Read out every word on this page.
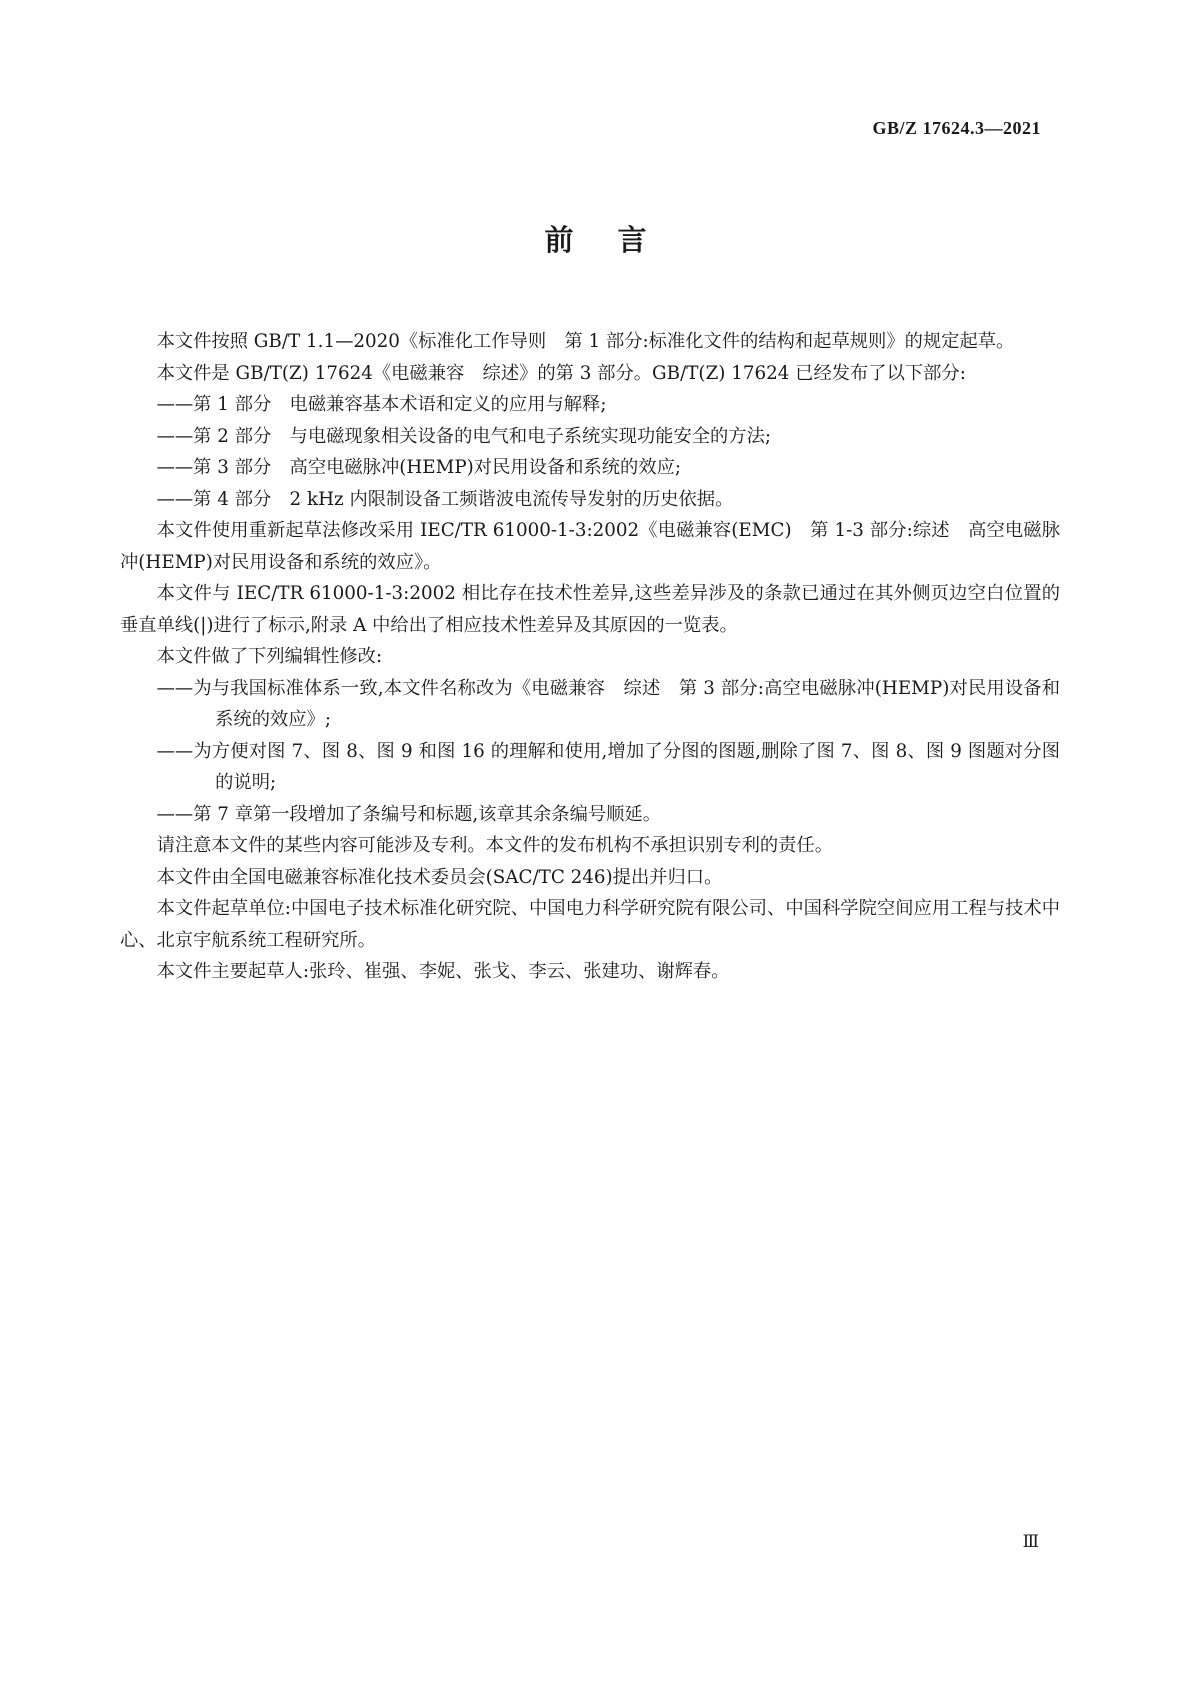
GB/Z 17624.3—2021
前言

本文件按照 GB/T 1.1—2020《标准化工作导则　第 1 部分:标准化文件的结构和起草规则》的规定起草。

本文件是 GB/T(Z) 17624《电磁兼容　综述》的第 3 部分。GB/T(Z) 17624 已经发布了以下部分:

——第 1 部分　电磁兼容基本术语和定义的应用与解释;

——第 2 部分　与电磁现象相关设备的电气和电子系统实现功能安全的方法;

——第 3 部分　高空电磁脉冲(HEMP)对民用设备和系统的效应;

——第 4 部分　2 kHz 内限制设备工频谐波电流传导发射的历史依据。

本文件使用重新起草法修改采用 IEC/TR 61000-1-3:2002《电磁兼容(EMC)　第 1-3 部分:综述　高空电磁脉冲(HEMP)对民用设备和系统的效应》。

本文件与 IEC/TR 61000-1-3:2002 相比存在技术性差异,这些差异涉及的条款已通过在其外侧页边空白位置的垂直单线(|)进行了标示,附录 A 中给出了相应技术性差异及其原因的一览表。

本文件做了下列编辑性修改:

——为与我国标准体系一致,本文件名称改为《电磁兼容　综述　第 3 部分:高空电磁脉冲(HEMP)对民用设备和系统的效应》;

——为方便对图 7、图 8、图 9 和图 16 的理解和使用,增加了分图的图题,删除了图 7、图 8、图 9 图题对分图的说明;

——第 7 章第一段增加了条编号和标题,该章其余条编号顺延。

请注意本文件的某些内容可能涉及专利。本文件的发布机构不承担识别专利的责任。

本文件由全国电磁兼容标准化技术委员会(SAC/TC 246)提出并归口。

本文件起草单位:中国电子技术标准化研究院、中国电力科学研究院有限公司、中国科学院空间应用工程与技术中心、北京宇航系统工程研究所。

本文件主要起草人:张玲、崔强、李妮、张戈、李云、张建功、谢辉春。

Ⅲ
